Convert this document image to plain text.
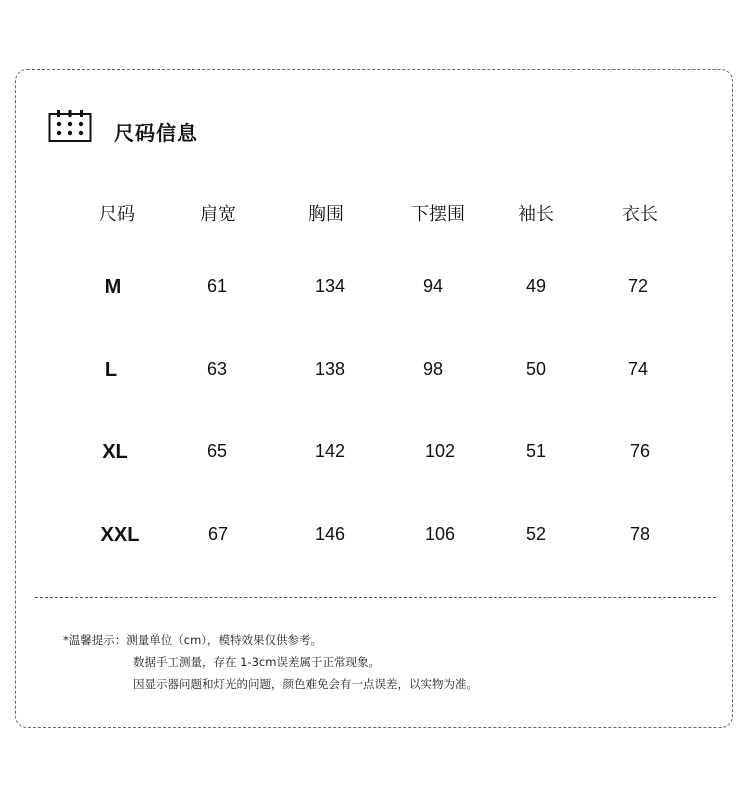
尺码信息
尺码	肩宽	胸围	下摆围	袖长	衣长
M	61	134	94	49	72
L	63	138	98	50	74
XL	65	142	102	51	76
XXL	67	146	106	52	78
*温馨提示：测量单位（cm），模特效果仅供参考。
数据手工测量，存在 1-3cm误差属于正常现象。
因显示器问题和灯光的问题，颜色难免会有一点误差，以实物为准。
